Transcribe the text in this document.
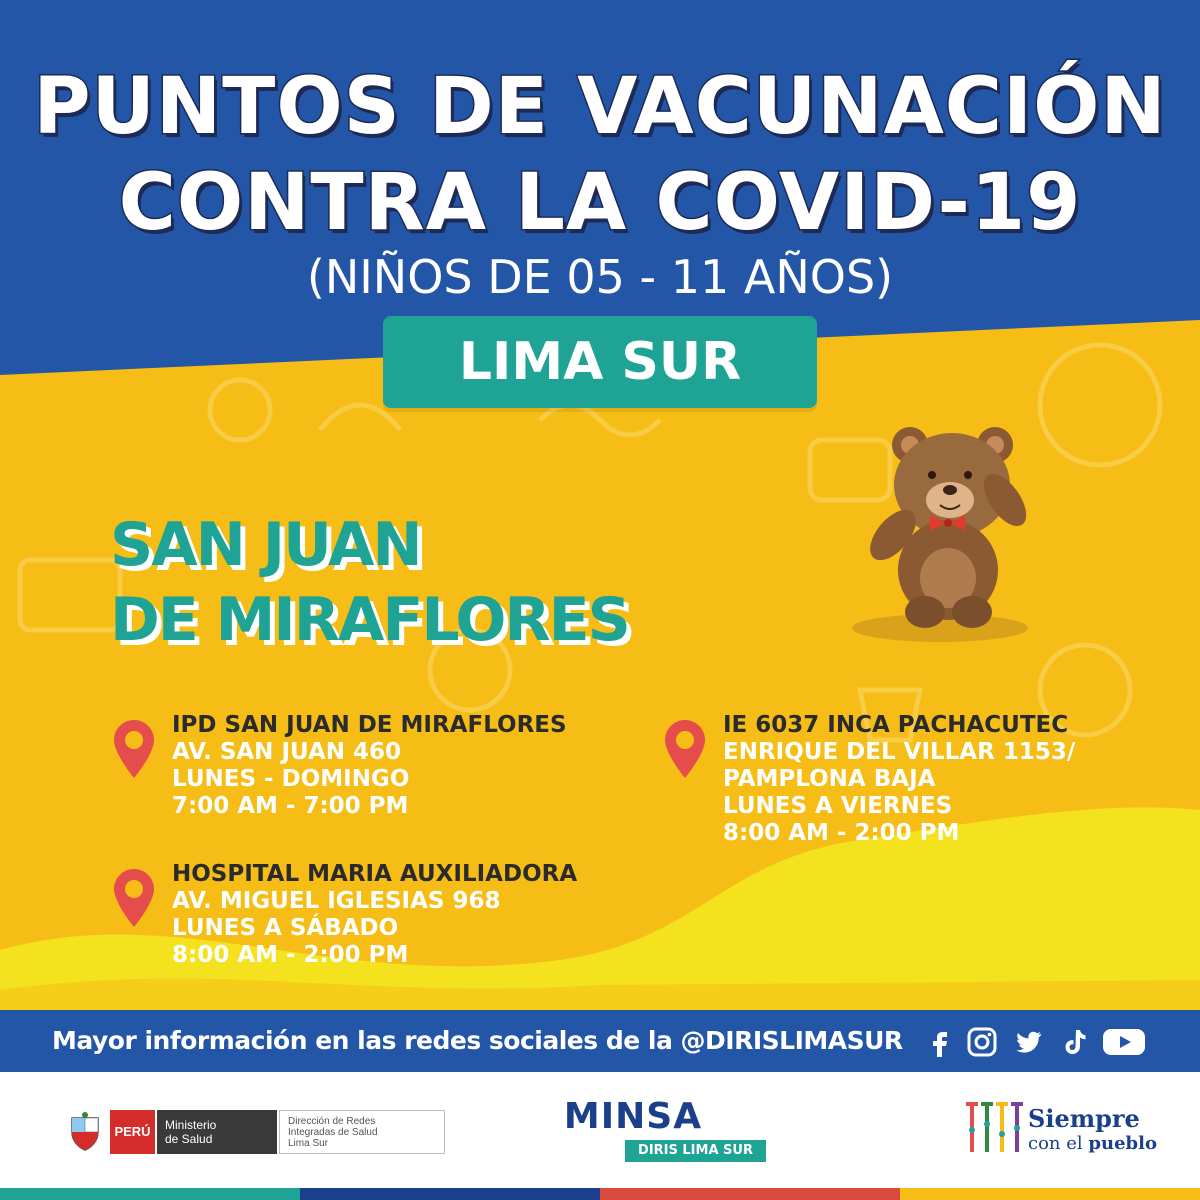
PUNTOS DE VACUNACIÓN
CONTRA LA COVID-19
(NIÑOS DE 05 - 11 AÑOS)
LIMA SUR
SAN JUAN
DE MIRAFLORES
IPD SAN JUAN DE MIRAFLORES
AV. SAN JUAN 460
LUNES - DOMINGO
7:00 AM - 7:00 PM
IE 6037 INCA PACHACUTEC
ENRIQUE DEL VILLAR 1153/
PAMPLONA BAJA
LUNES A VIERNES
8:00 AM - 2:00 PM
HOSPITAL MARIA AUXILIADORA
AV. MIGUEL IGLESIAS 968
LUNES A SÁBADO
8:00 AM - 2:00 PM
Mayor información en las redes sociales de la @DIRISLIMASUR
PERÚ	Ministerio
de Salud
Dirección de Redes
Integradas de Salud
Lima Sur
MINSA
DIRIS LIMA SUR
Siempre
con el pueblo
